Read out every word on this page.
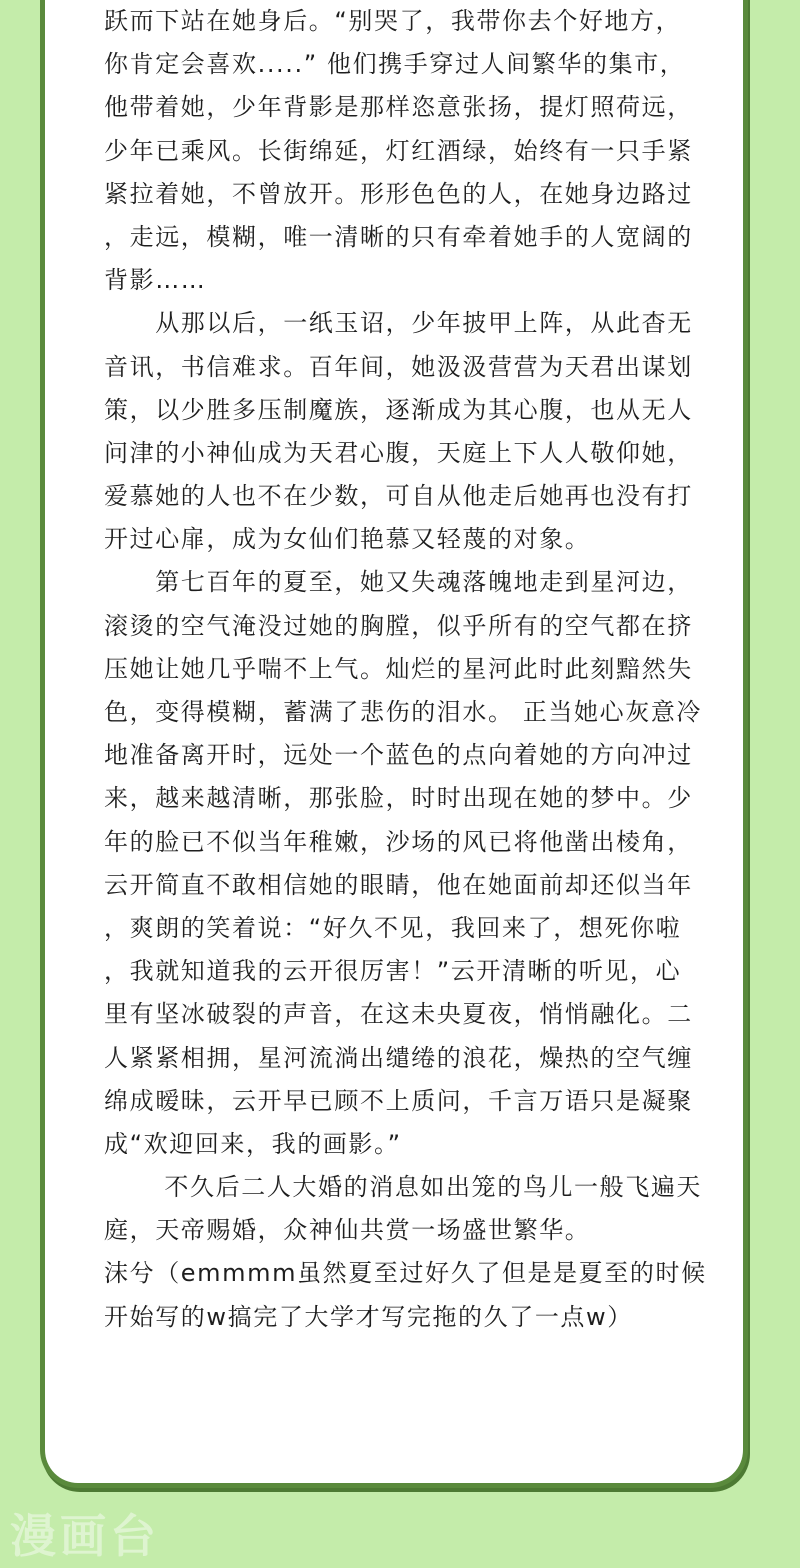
跃而下站在她身后。“别哭了，我带你去个好地方，
你肯定会喜欢.....” 他们携手穿过人间繁华的集市，
他带着她，少年背影是那样恣意张扬，提灯照荷远，
少年已乘风。长街绵延，灯红酒绿，始终有一只手紧
紧拉着她，不曾放开。形形色色的人，在她身边路过
，走远，模糊，唯一清晰的只有牵着她手的人宽阔的
背影……
　　从那以后，一纸玉诏，少年披甲上阵，从此杳无
音讯，书信难求。百年间，她汲汲营营为天君出谋划
策，以少胜多压制魔族，逐渐成为其心腹，也从无人
问津的小神仙成为天君心腹，天庭上下人人敬仰她，
爱慕她的人也不在少数，可自从他走后她再也没有打
开过心扉，成为女仙们艳慕又轻蔑的对象。
　　第七百年的夏至，她又失魂落魄地走到星河边，
滚烫的空气淹没过她的胸膛，似乎所有的空气都在挤
压她让她几乎喘不上气。灿烂的星河此时此刻黯然失
色，变得模糊，蓄满了悲伤的泪水。 正当她心灰意冷
地准备离开时，远处一个蓝色的点向着她的方向冲过
来，越来越清晰，那张脸，时时出现在她的梦中。少
年的脸已不似当年稚嫩，沙场的风已将他凿出棱角，
云开简直不敢相信她的眼睛，他在她面前却还似当年
，爽朗的笑着说：“好久不见，我回来了，想死你啦
，我就知道我的云开很厉害！”云开清晰的听见，心
里有坚冰破裂的声音，在这未央夏夜，悄悄融化。二
人紧紧相拥，星河流淌出缱绻的浪花，燥热的空气缠
绵成暧昧，云开早已顾不上质问，千言万语只是凝聚
成“欢迎回来，我的画影。”
　　 不久后二人大婚的消息如出笼的鸟儿一般飞遍天
庭，天帝赐婚，众神仙共赏一场盛世繁华。
沫兮（emmmm虽然夏至过好久了但是是夏至的时候
开始写的w搞完了大学才写完拖的久了一点w）
漫画台
